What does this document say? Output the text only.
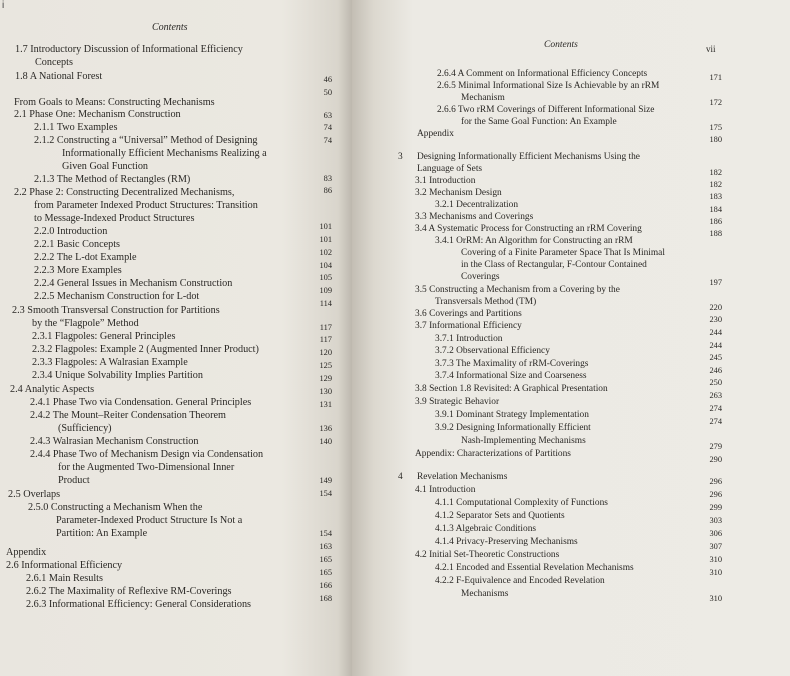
i
Contents
1.7 Introductory Discussion of Informational Efficiency
Concepts
1.8 A National Forest
From Goals to Means: Constructing Mechanisms
2.1 Phase One: Mechanism Construction
2.1.1 Two Examples
2.1.2 Constructing a “Universal” Method of Designing
Informationally Efficient Mechanisms Realizing a
Given Goal Function
2.1.3 The Method of Rectangles (RM)
2.2 Phase 2: Constructing Decentralized Mechanisms,
from Parameter Indexed Product Structures: Transition
to Message-Indexed Product Structures
2.2.0 Introduction
2.2.1 Basic Concepts
2.2.2 The L-dot Example
2.2.3 More Examples
2.2.4 General Issues in Mechanism Construction
2.2.5 Mechanism Construction for L-dot
2.3 Smooth Transversal Construction for Partitions
by the “Flagpole” Method
2.3.1 Flagpoles: General Principles
2.3.2 Flagpoles: Example 2 (Augmented Inner Product)
2.3.3 Flagpoles: A Walrasian Example
2.3.4 Unique Solvability Implies Partition
2.4 Analytic Aspects
2.4.1 Phase Two via Condensation. General Principles
2.4.2 The Mount–Reiter Condensation Theorem
(Sufficiency)
2.4.3 Walrasian Mechanism Construction
2.4.4 Phase Two of Mechanism Design via Condensation
for the Augmented Two-Dimensional Inner
Product
2.5 Overlaps
2.5.0 Constructing a Mechanism When the
Parameter-Indexed Product Structure Is Not a
Partition: An Example
Appendix
2.6 Informational Efficiency
2.6.1 Main Results
2.6.2 The Maximality of Reflexive RM-Coverings
2.6.3 Informational Efficiency: General Considerations
46
50
63
74
74
83
86
101
101
102
104
105
109
114
117
117
120
125
129
130
131
136
140
149
154
154
163
165
165
166
168
Contents	vii
2.6.4 A Comment on Informational Efficiency Concepts
2.6.5 Minimal Informational Size Is Achievable by an rRM
Mechanism
2.6.6 Two rRM Coverings of Different Informational Size
for the Same Goal Function: An Example
Appendix
Designing Informationally Efficient Mechanisms Using the
Language of Sets
3.1 Introduction
3.2 Mechanism Design
3.2.1 Decentralization
3.3 Mechanisms and Coverings
3.4 A Systematic Process for Constructing an rRM Covering
3.4.1 OrRM: An Algorithm for Constructing an rRM
Covering of a Finite Parameter Space That Is Minimal
in the Class of Rectangular, F-Contour Contained
Coverings
3.5 Constructing a Mechanism from a Covering by the
Transversals Method (TM)
3.6 Coverings and Partitions
3.7 Informational Efficiency
3.7.1 Introduction
3.7.2 Observational Efficiency
3.7.3 The Maximality of rRM-Coverings
3.7.4 Informational Size and Coarseness
3.8 Section 1.8 Revisited: A Graphical Presentation
3.9 Strategic Behavior
3.9.1 Dominant Strategy Implementation
3.9.2 Designing Informationally Efficient
Nash-Implementing Mechanisms
Appendix: Characterizations of Partitions
Revelation Mechanisms
4.1 Introduction
4.1.1 Computational Complexity of Functions
4.1.2 Separator Sets and Quotients
4.1.3 Algebraic Conditions
4.1.4 Privacy-Preserving Mechanisms
4.2 Initial Set-Theoretic Constructions
4.2.1 Encoded and Essential Revelation Mechanisms
4.2.2 F-Equivalence and Encoded Revelation
Mechanisms
171
172
175
180
182
182
183
184
186
188
197
220
230
244
244
245
246
250
263
274
274
279
290
296
296
299
303
306
307
310
310
310
3
4
